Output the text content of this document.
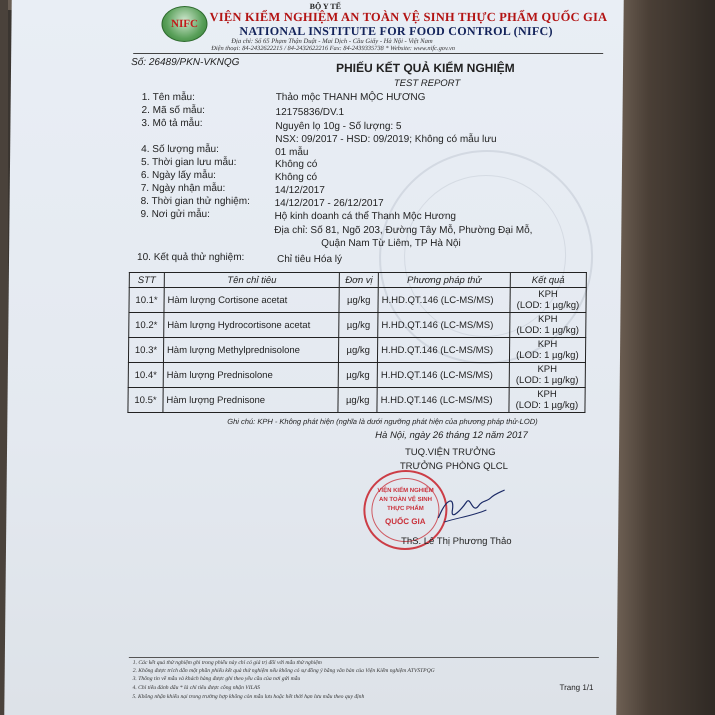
NIFC
BỘ Y TẾ
VIỆN KIỂM NGHIỆM AN TOÀN VỆ SINH THỰC PHẨM QUỐC GIA
NATIONAL INSTITUTE FOR FOOD CONTROL (NIFC)
Địa chỉ: Số 65 Phạm Thận Duật - Mai Dịch - Cầu Giấy - Hà Nội - Việt Nam
Điện thoại: 84-2432622215 / 84-2432622216 Fax: 84-2439335738 * Website: www.nifc.gov.vn
Số: 26489/PKN-VKNQG	PHIẾU KẾT QUẢ KIỂM NGHIỆM
TEST REPORT
1. Tên mẫu:	Thảo mộc THANH MỘC HƯƠNG
2. Mã số mẫu:	12175836/DV.1
3. Mô tả mẫu:	Nguyên lọ 10g - Số lượng: 5
NSX: 09/2017 - HSD: 09/2019; Không có mẫu lưu
4. Số lượng mẫu:	01 mẫu
5. Thời gian lưu mẫu:	Không có
6. Ngày lấy mẫu:	Không có
7. Ngày nhận mẫu:	14/12/2017
8. Thời gian thử nghiệm: 14/12/2017 - 26/12/2017
9. Nơi gửi mẫu:	Hộ kinh doanh cá thể Thanh Mộc Hương
Địa chỉ: Số 81, Ngõ 203, Đường Tây Mỗ, Phường Đại Mỗ,
Quận Nam Từ Liêm, TP Hà Nội
10. Kết quả thử nghiệm:	Chỉ tiêu Hóa lý
STT	Tên chỉ tiêu	Đơn vị	Phương pháp thử	Kết quả
10.1*	Hàm lượng Cortisone acetat	µg/kg	H.HD.QT.146 (LC-MS/MS)	KPH
(LOD: 1 µg/kg)

10.2*	Hàm lượng Hydrocortisone acetat	µg/kg	H.HD.QT.146 (LC-MS/MS)	KPH
(LOD: 1 µg/kg)

10.3*	Hàm lượng Methylprednisolone	µg/kg	H.HD.QT.146 (LC-MS/MS)	KPH
(LOD: 1 µg/kg)

10.4*	Hàm lượng Prednisolone	µg/kg	H.HD.QT.146 (LC-MS/MS)	KPH
(LOD: 1 µg/kg)

10.5*	Hàm lượng Prednisone	µg/kg	H.HD.QT.146 (LC-MS/MS)	KPH
(LOD: 1 µg/kg)
Ghi chú: KPH - Không phát hiện (nghĩa là dưới ngưỡng phát hiện của phương pháp thử-LOD)
Hà Nội, ngày 26 tháng 12 năm 2017
TUQ.VIỆN TRƯỞNG
TRƯỞNG PHÒNG QLCL
VIỆN KIỂM NGHIỆM
AN TOÀN VỆ SINH
THỰC PHẨM
QUỐC GIA
ThS. Lê Thị Phương Thảo
1. Các kết quả thử nghiệm ghi trong phiếu này chỉ có giá trị đối với mẫu thử nghiệm
2. Không được trích dẫn một phần phiếu kết quả thử nghiệm nếu không có sự đồng ý bằng văn bản của Viện Kiểm nghiệm ATVSTPQG
3. Thông tin về mẫu và khách hàng được ghi theo yêu cầu của nơi gửi mẫu
4. Chỉ tiêu đánh dấu * là chỉ tiêu được công nhận VILAS
5. Không nhận khiếu nại trong trường hợp không còn mẫu lưu hoặc hết thời hạn lưu mẫu theo quy định
Trang 1/1
